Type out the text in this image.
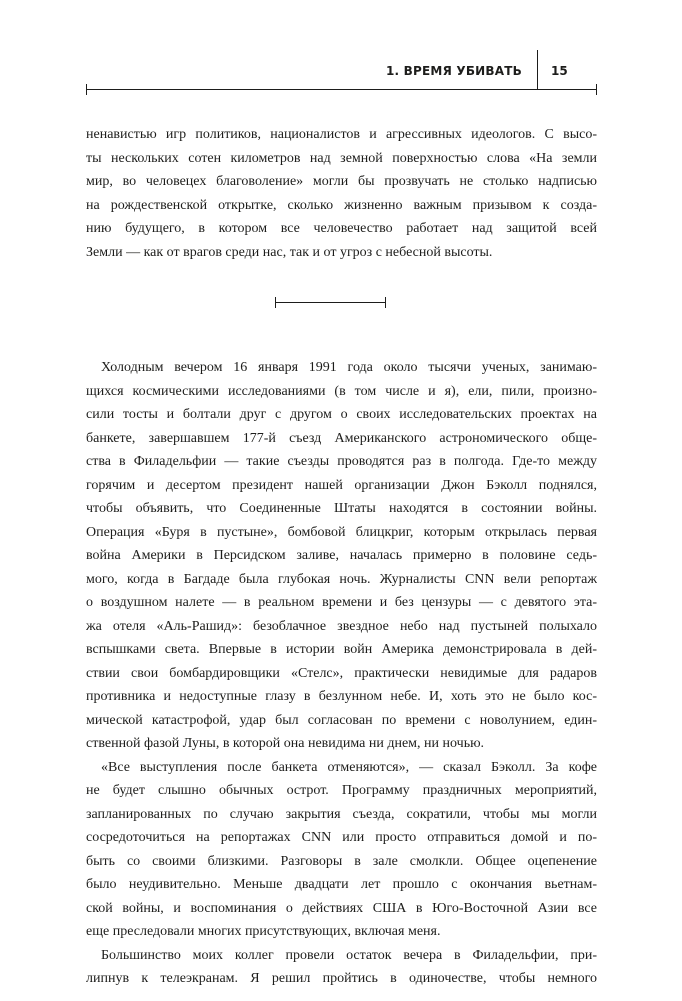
1. ВРЕМЯ УБИВАТЬ 15
ненавистью игр политиков, националистов и агрессивных идеологов. С высо-
ты нескольких сотен километров над земной поверхностью слова «На земли
мир, во человецех благоволение» могли бы прозвучать не столько надписью
на рождественской открытке, сколько жизненно важным призывом к созда-
нию будущего, в котором все человечество работает над защитой всей
Земли — как от врагов среди нас, так и от угроз с небесной высоты.
Холодным вечером 16 января 1991 года около тысячи ученых, занимаю-
щихся космическими исследованиями (в том числе и я), ели, пили, произно-
сили тосты и болтали друг с другом о своих исследовательских проектах на
банкете, завершавшем 177-й съезд Американского астрономического обще-
ства в Филадельфии — такие съезды проводятся раз в полгода. Где-то между
горячим и десертом президент нашей организации Джон Бэколл поднялся,
чтобы объявить, что Соединенные Штаты находятся в состоянии войны.
Операция «Буря в пустыне», бомбовой блицкриг, которым открылась первая
война Америки в Персидском заливе, началась примерно в половине седь-
мого, когда в Багдаде была глубокая ночь. Журналисты CNN вели репортаж
о воздушном налете — в реальном времени и без цензуры — с девятого эта-
жа отеля «Аль-Рашид»: безоблачное звездное небо над пустыней полыхало
вспышками света. Впервые в истории войн Америка демонстрировала в дей-
ствии свои бомбардировщики «Стелс», практически невидимые для радаров
противника и недоступные глазу в безлунном небе. И, хоть это не было кос-
мической катастрофой, удар был согласован по времени с новолунием, един-
ственной фазой Луны, в которой она невидима ни днем, ни ночью.
«Все выступления после банкета отменяются», — сказал Бэколл. За кофе
не будет слышно обычных острот. Программу праздничных мероприятий,
запланированных по случаю закрытия съезда, сократили, чтобы мы могли
сосредоточиться на репортажах CNN или просто отправиться домой и по-
быть со своими близкими. Разговоры в зале смолкли. Общее оцепенение
было неудивительно. Меньше двадцати лет прошло с окончания вьетнам-
ской войны, и воспоминания о действиях США в Юго-Восточной Азии все
еще преследовали многих присутствующих, включая меня.
Большинство моих коллег провели остаток вечера в Филадельфии, при-
липнув к телеэкранам. Я решил пройтись в одиночестве, чтобы немного
